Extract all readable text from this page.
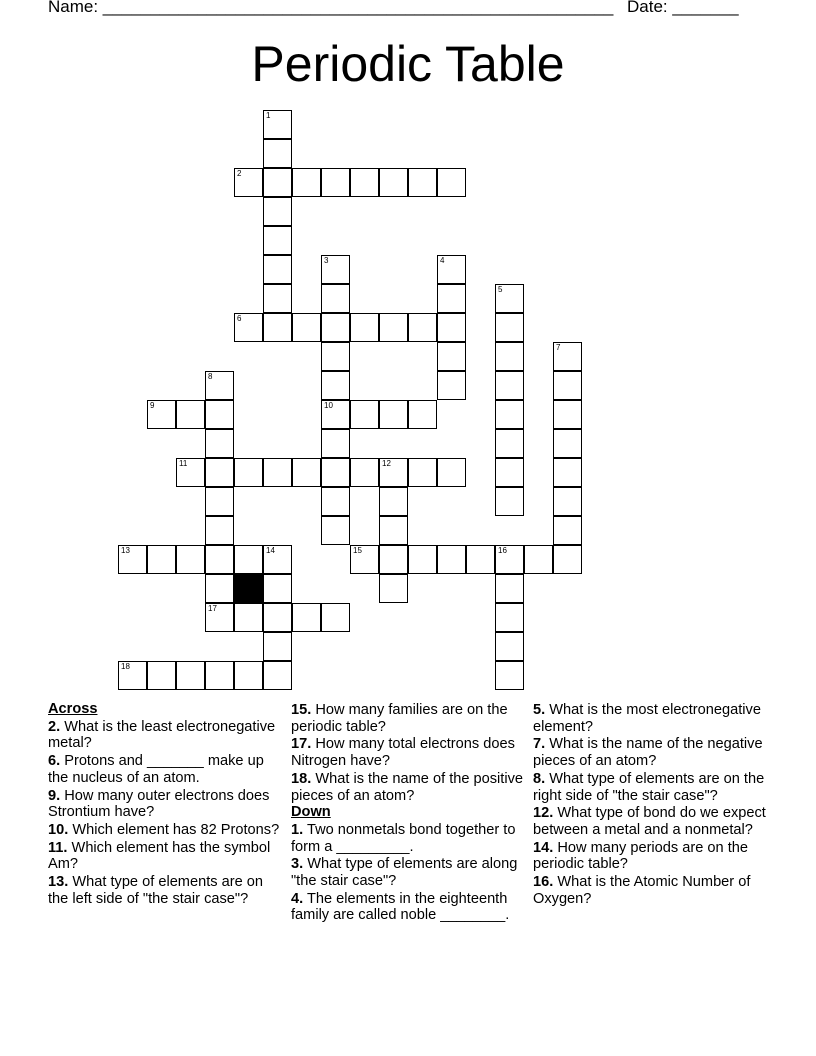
Name: ______________________________________________________ Date: _______
Periodic Table
1
2
3	4
5
6
7
8
9	10
11	12
13	14	15	16
17
18
Across
2. What is the least electronegative metal?
6. Protons and _______ make up the nucleus of an atom.
9. How many outer electrons does Strontium have?
10. Which element has 82 Protons?
11. Which element has the symbol Am?
13. What type of elements are on the left side of "the stair case"?
15. How many families are on the periodic table?
17. How many total electrons does Nitrogen have?
18. What is the name of the positive pieces of an atom?
Down
1. Two nonmetals bond together to form a _________.
3. What type of elements are along "the stair case"?
4. The elements in the eighteenth family are called noble ________.
5. What is the most electronegative element?
7. What is the name of the negative pieces of an atom?
8. What type of elements are on the right side of "the stair case"?
12. What type of bond do we expect between a metal and a nonmetal?
14. How many periods are on the periodic table?
16. What is the Atomic Number of Oxygen?
